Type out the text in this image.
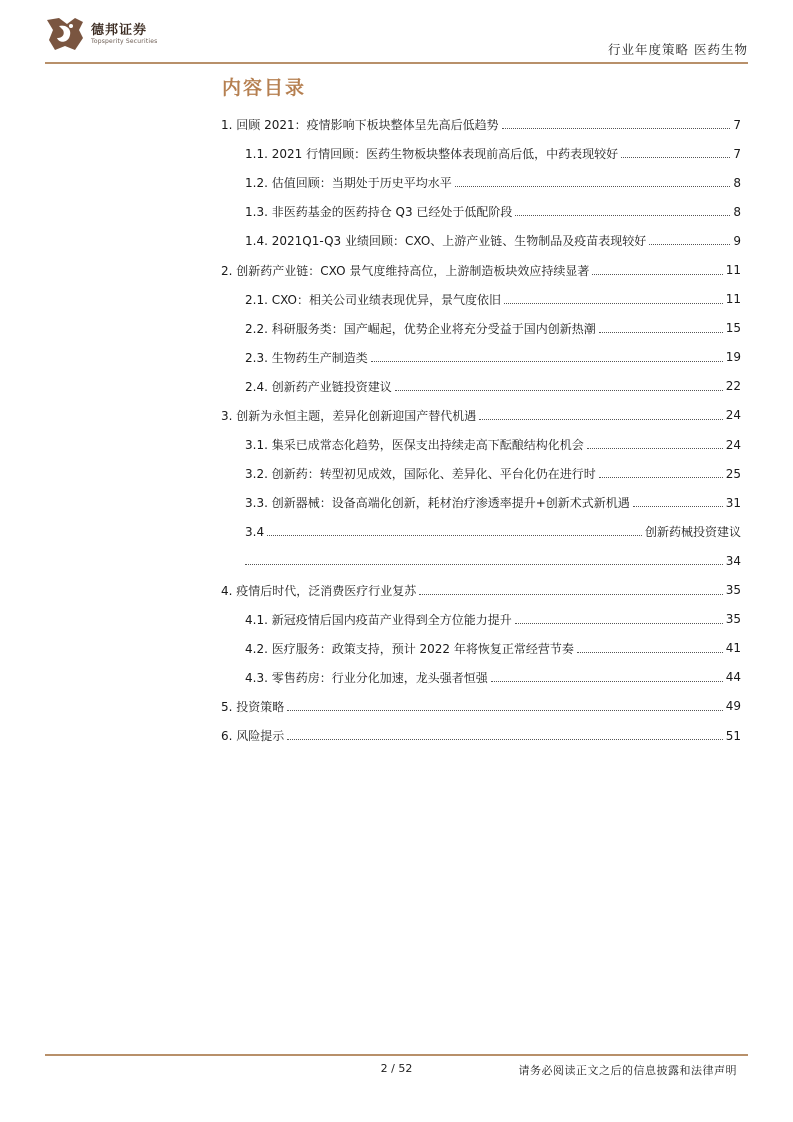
德邦证券
Topsperity Securities
行业年度策略 医药生物
内容目录
1. 回顾 2021：疫情影响下板块整体呈先高后低趋势	7
1.1. 2021 行情回顾：医药生物板块整体表现前高后低，中药表现较好	7
1.2. 估值回顾：当期处于历史平均水平	8
1.3. 非医药基金的医药持仓 Q3 已经处于低配阶段	8
1.4. 2021Q1-Q3 业绩回顾：CXO、上游产业链、生物制品及疫苗表现较好	9
2. 创新药产业链：CXO 景气度维持高位，上游制造板块效应持续显著	11
2.1. CXO：相关公司业绩表现优异，景气度依旧	11
2.2. 科研服务类：国产崛起，优势企业将充分受益于国内创新热潮	15
2.3. 生物药生产制造类	19
2.4. 创新药产业链投资建议	22
3. 创新为永恒主题，差异化创新迎国产替代机遇	24
3.1. 集采已成常态化趋势，医保支出持续走高下酝酿结构化机会	24
3.2. 创新药：转型初见成效，国际化、差异化、平台化仍在进行时	25
3.3. 创新器械：设备高端化创新，耗材治疗渗透率提升+创新术式新机遇	31
3.4	创新药械投资建议
34
4. 疫情后时代，泛消费医疗行业复苏	35
4.1. 新冠疫情后国内疫苗产业得到全方位能力提升	35
4.2. 医疗服务：政策支持，预计 2022 年将恢复正常经营节奏	41
4.3. 零售药房：行业分化加速，龙头强者恒强	44
5. 投资策略	49
6. 风险提示	51
2 / 52	请务必阅读正文之后的信息披露和法律声明
